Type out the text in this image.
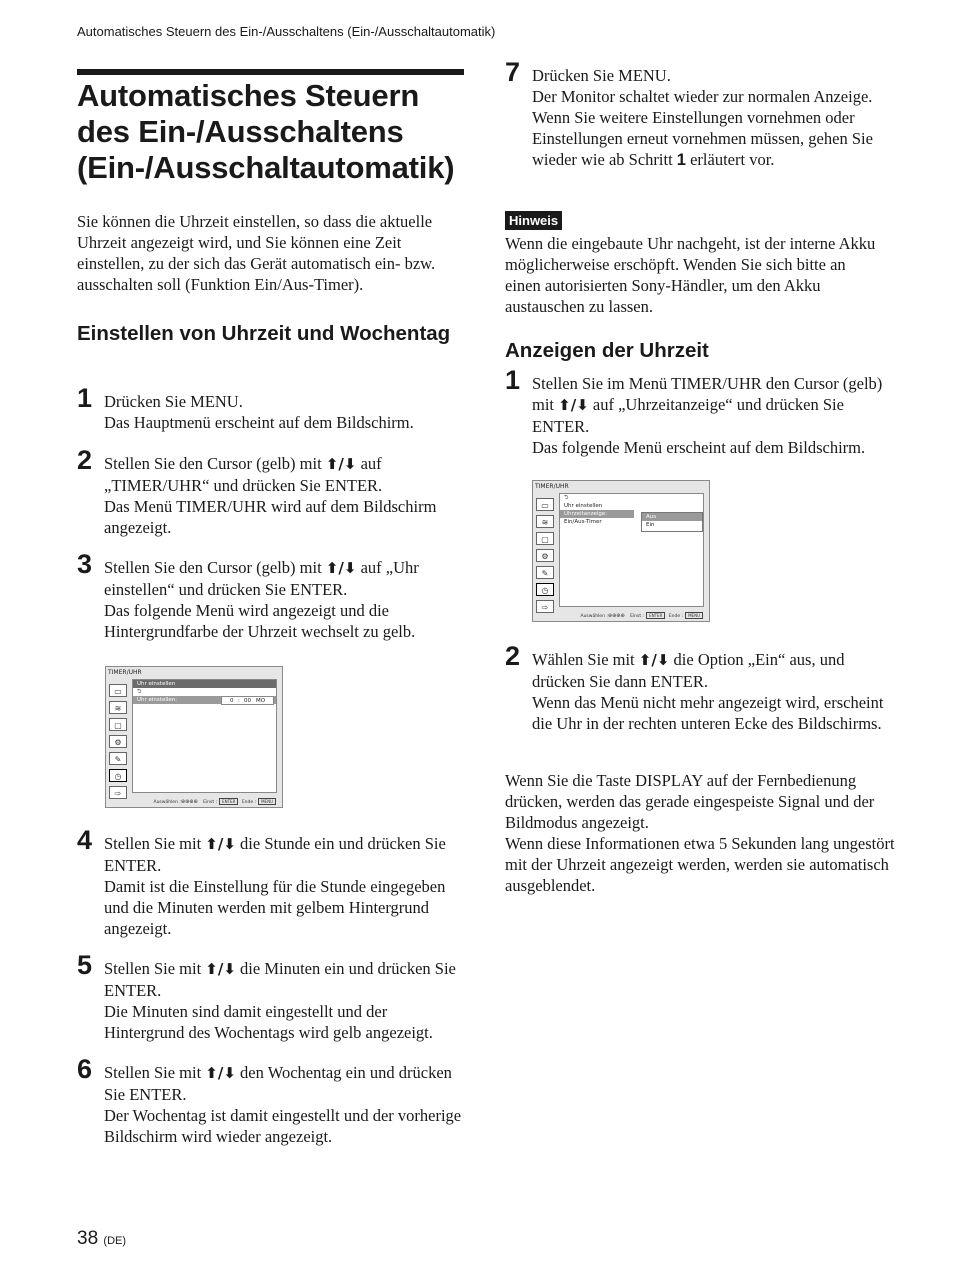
Automatisches Steuern des Ein-/Ausschaltens (Ein-/Ausschaltautomatik)
Automatisches Steuern
des Ein-/Ausschaltens
(Ein-/Ausschaltautomatik)

Sie können die Uhrzeit einstellen, so dass die aktuelle Uhrzeit angezeigt wird, und Sie können eine Zeit einstellen, zu der sich das Gerät automatisch ein- bzw. ausschalten soll (Funktion Ein/Aus-Timer).

Einstellen von Uhrzeit und Wochentag
1 Drücken Sie MENU.

Das Hauptmenü erscheint auf dem Bildschirm.

2 Stellen Sie den Cursor (gelb) mit ⬆/⬇ auf „TIMER/UHR“ und drücken Sie ENTER.

Das Menü TIMER/UHR wird auf dem Bildschirm angezeigt.

3 Stellen Sie den Cursor (gelb) mit ⬆/⬇ auf „Uhr einstellen“ und drücken Sie ENTER.

Das folgende Menü wird angezeigt und die Hintergrundfarbe der Uhrzeit wechselt zu gelb.

TIMER/UHR
▭
≋
▢
⚙
✎
◷
⇨
Uhr einstellen
⮌
Uhr einstellen:	0 : 00 MO
Auswählen :⊕⊕⊕⊕ Einst : ENTER Ende : MENU
4 Stellen Sie mit ⬆/⬇ die Stunde ein und drücken Sie ENTER.

Damit ist die Einstellung für die Stunde eingegeben und die Minuten werden mit gelbem Hintergrund angezeigt.

5 Stellen Sie mit ⬆/⬇ die Minuten ein und drücken Sie ENTER.

Die Minuten sind damit eingestellt und der Hintergrund des Wochentags wird gelb angezeigt.

6 Stellen Sie mit ⬆/⬇ den Wochentag ein und drücken Sie ENTER.

Der Wochentag ist damit eingestellt und der vorherige Bildschirm wird wieder angezeigt.

7 Drücken Sie MENU.

Der Monitor schaltet wieder zur normalen Anzeige. Wenn Sie weitere Einstellungen vornehmen oder Einstellungen erneut vornehmen müssen, gehen Sie wieder wie ab Schritt 1 erläutert vor.

Hinweis

Wenn die eingebaute Uhr nachgeht, ist der interne Akku möglicherweise erschöpft. Wenden Sie sich bitte an einen autorisierten Sony-Händler, um den Akku austauschen zu lassen.

Anzeigen der Uhrzeit
1 Stellen Sie im Menü TIMER/UHR den Cursor (gelb) mit ⬆/⬇ auf „Uhrzeitanzeige“ und drücken Sie ENTER.

Das folgende Menü erscheint auf dem Bildschirm.

TIMER/UHR
▭
≋
▢
⚙
✎
◷
⇨
⮌
Uhr einstellen
Uhrzeitanzeige:
Ein/Aus-Timer
Aus
Ein
Auswählen :⊕⊕⊕⊕ Einst : ENTER Ende : MENU
2 Wählen Sie mit ⬆/⬇ die Option „Ein“ aus, und drücken Sie dann ENTER.

Wenn das Menü nicht mehr angezeigt wird, erscheint die Uhr in der rechten unteren Ecke des Bildschirms.

Wenn Sie die Taste DISPLAY auf der Fernbedienung drücken, werden das gerade eingespeiste Signal und der Bildmodus angezeigt.

Wenn diese Informationen etwa 5 Sekunden lang ungestört mit der Uhrzeit angezeigt werden, werden sie automatisch ausgeblendet.

38 (DE)
